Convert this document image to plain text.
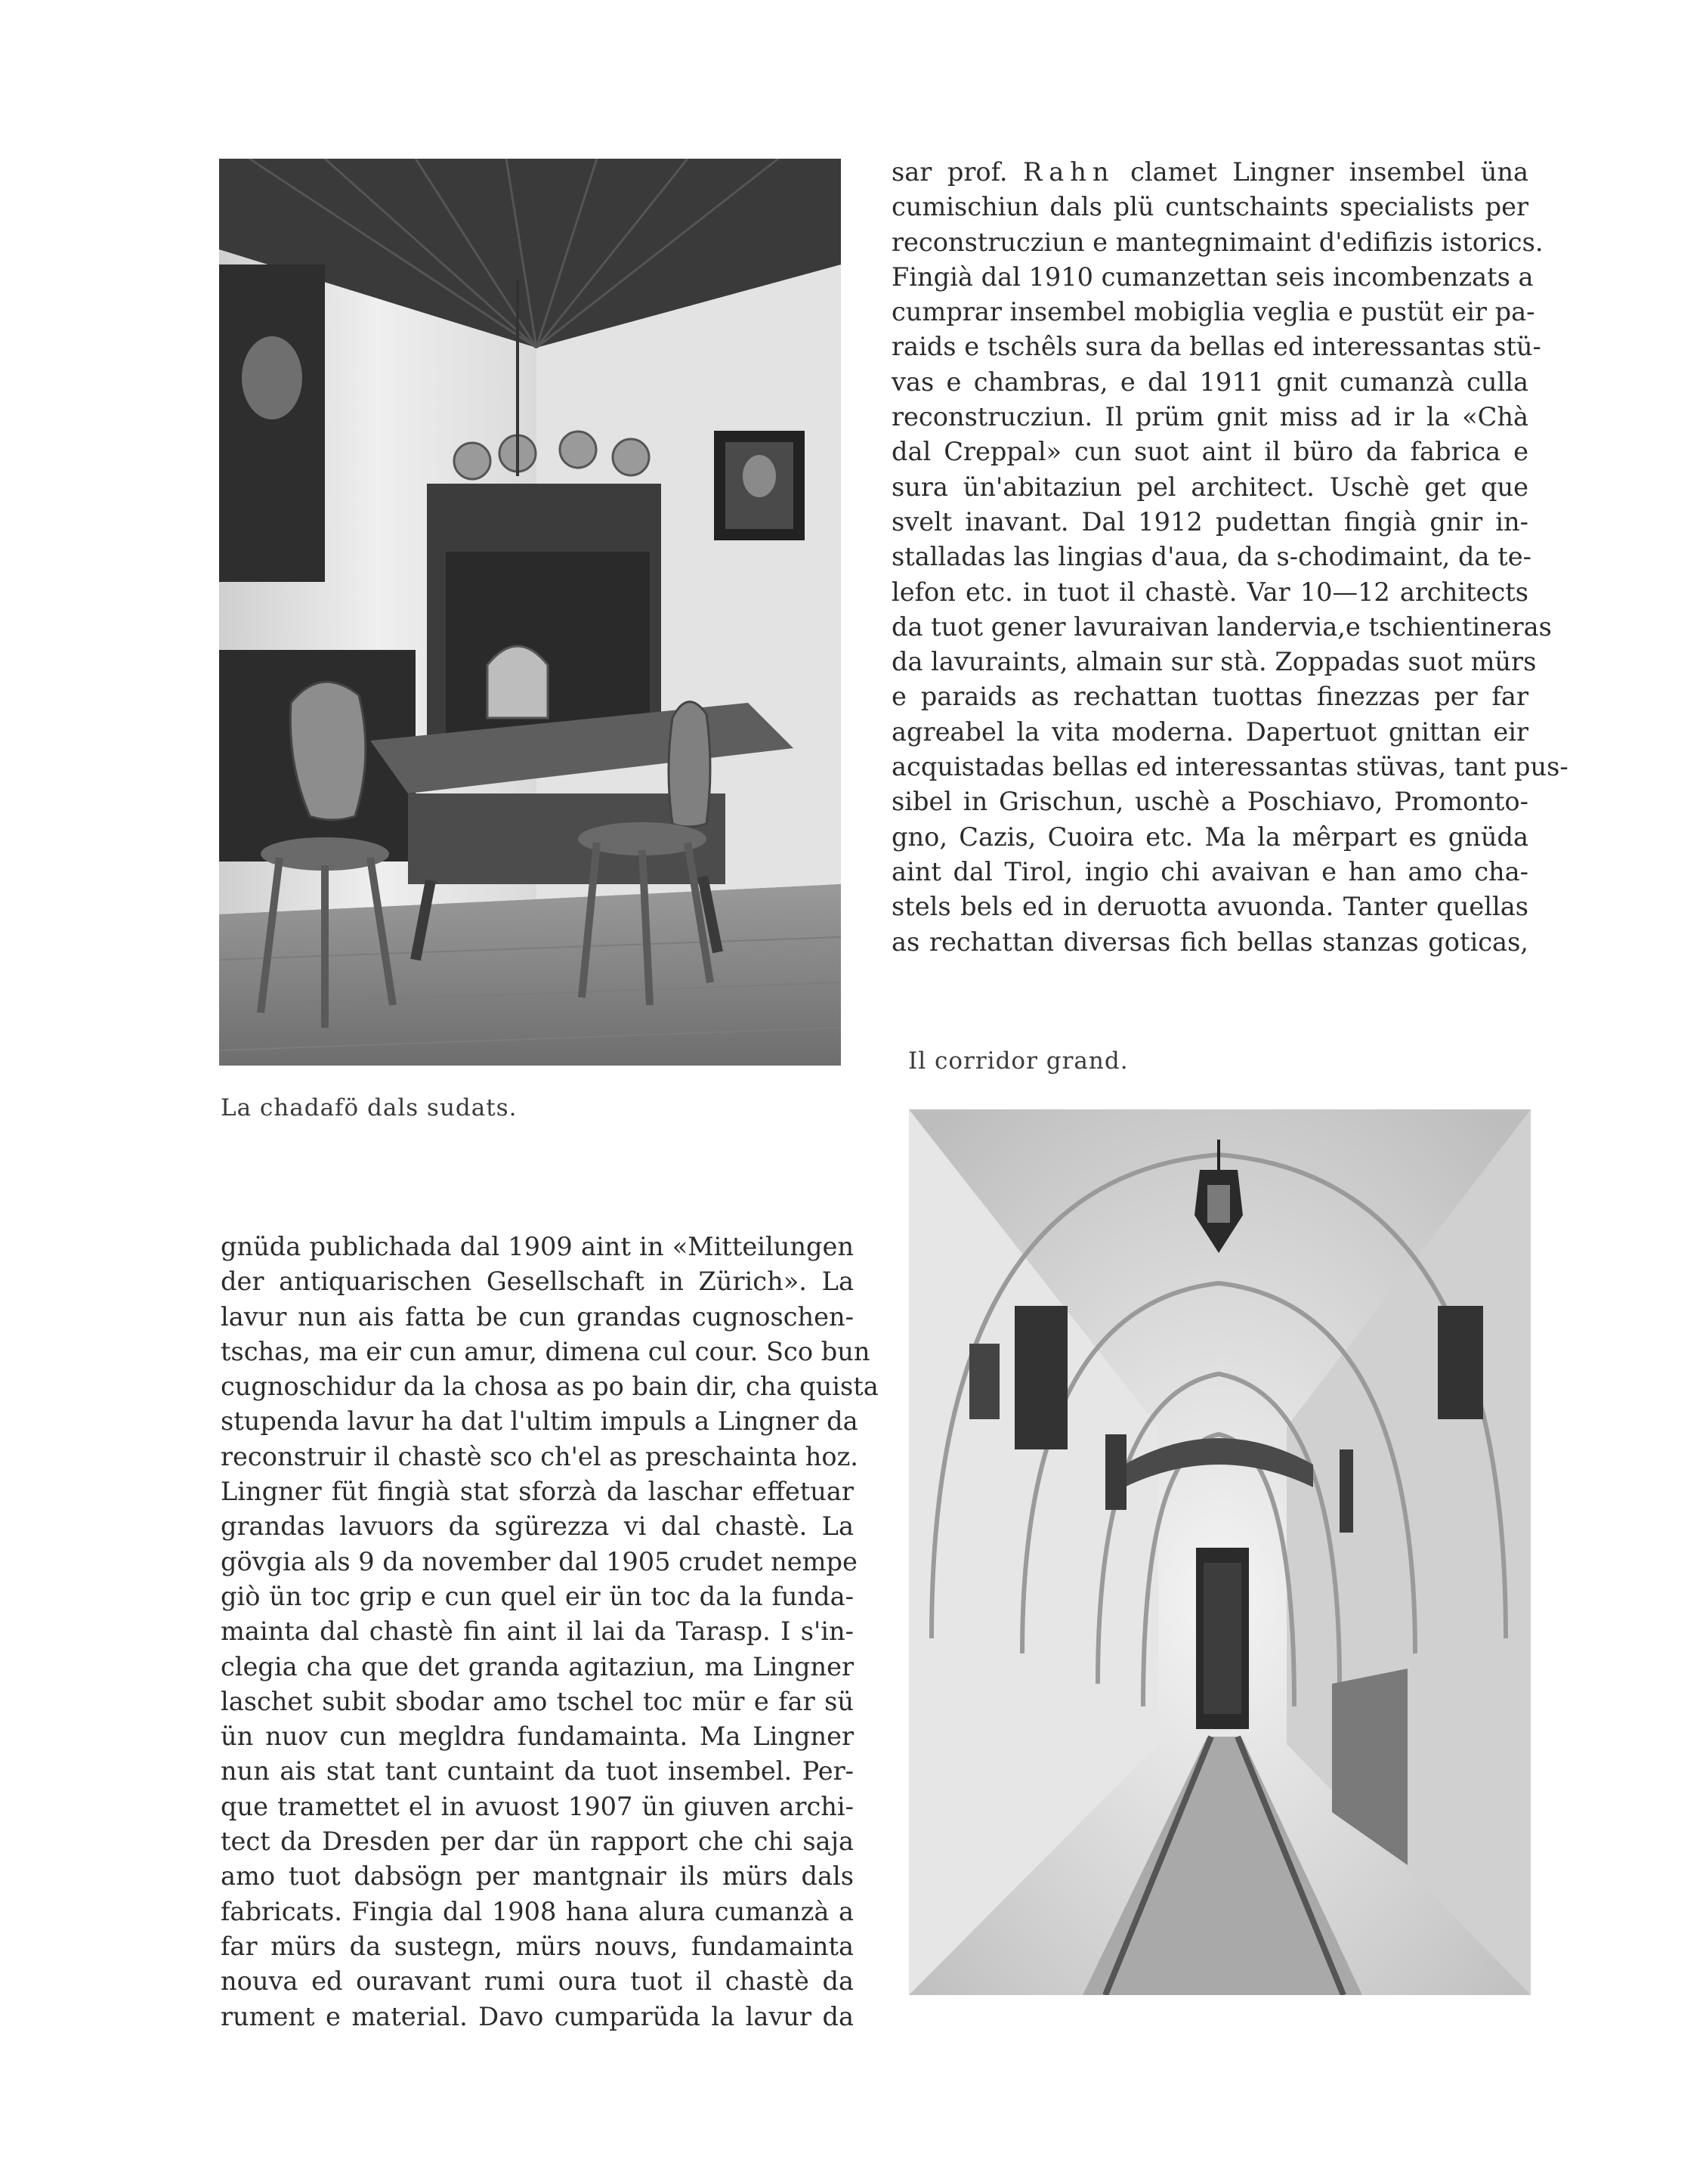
sar prof. Rahn clamet Lingner insembel üna
cumischiun dals plü cuntschaints specialists per
reconstrucziun e mantegnimaint d'edifizis istorics.
Fingià dal 1910 cumanzettan seis incombenzats a
cumprar insembel mobiglia veglia e pustüt eir pa-
raids e tschêls sura da bellas ed interessantas stü-
vas e chambras, e dal 1911 gnit cumanzà culla
reconstrucziun. Il prüm gnit miss ad ir la «Chà
dal Creppal» cun suot aint il büro da fabrica e
sura ün'abitaziun pel architect. Uschè get que
svelt inavant. Dal 1912 pudettan fingià gnir in-
stalladas las lingias d'aua, da s-chodimaint, da te-
lefon etc. in tuot il chastè. Var 10—12 architects
da tuot gener lavuraivan landervia,e tschientineras
da lavuraints, almain sur stà. Zoppadas suot mürs
e paraids as rechattan tuottas finezzas per far
agreabel la vita moderna. Dapertuot gnittan eir
acquistadas bellas ed interessantas stüvas, tant pus-
sibel in Grischun, uschè a Poschiavo, Promonto-
gno, Cazis, Cuoira etc. Ma la mêrpart es gnüda
aint dal Tirol, ingio chi avaivan e han amo cha-
stels bels ed in deruotta avuonda. Tanter quellas
as rechattan diversas fich bellas stanzas goticas,
La chadafö dals sudats.
Il corridor grand.
gnüda publichada dal 1909 aint in «Mitteilungen
der antiquarischen Gesellschaft in Zürich». La
lavur nun ais fatta be cun grandas cugnoschen-
tschas, ma eir cun amur, dimena cul cour. Sco bun
cugnoschidur da la chosa as po bain dir, cha quista
stupenda lavur ha dat l'ultim impuls a Lingner da
reconstruir il chastè sco ch'el as preschainta hoz.
Lingner füt fingià stat sforzà da laschar effetuar
grandas lavuors da sgürezza vi dal chastè. La
gövgia als 9 da november dal 1905 crudet nempe
giò ün toc grip e cun quel eir ün toc da la funda-
mainta dal chastè fin aint il lai da Tarasp. I s'in-
clegia cha que det granda agitaziun, ma Lingner
laschet subit sbodar amo tschel toc mür e far sü
ün nuov cun megldra fundamainta. Ma Lingner
nun ais stat tant cuntaint da tuot insembel. Per-
que tramettet el in avuost 1907 ün giuven archi-
tect da Dresden per dar ün rapport che chi saja
amo tuot dabsögn per mantgnair ils mürs dals
fabricats. Fingia dal 1908 hana alura cumanzà a
far mürs da sustegn, mürs nouvs, fundamainta
nouva ed ouravant rumi oura tuot il chastè da
rument e material. Davo cumparüda la lavur da
